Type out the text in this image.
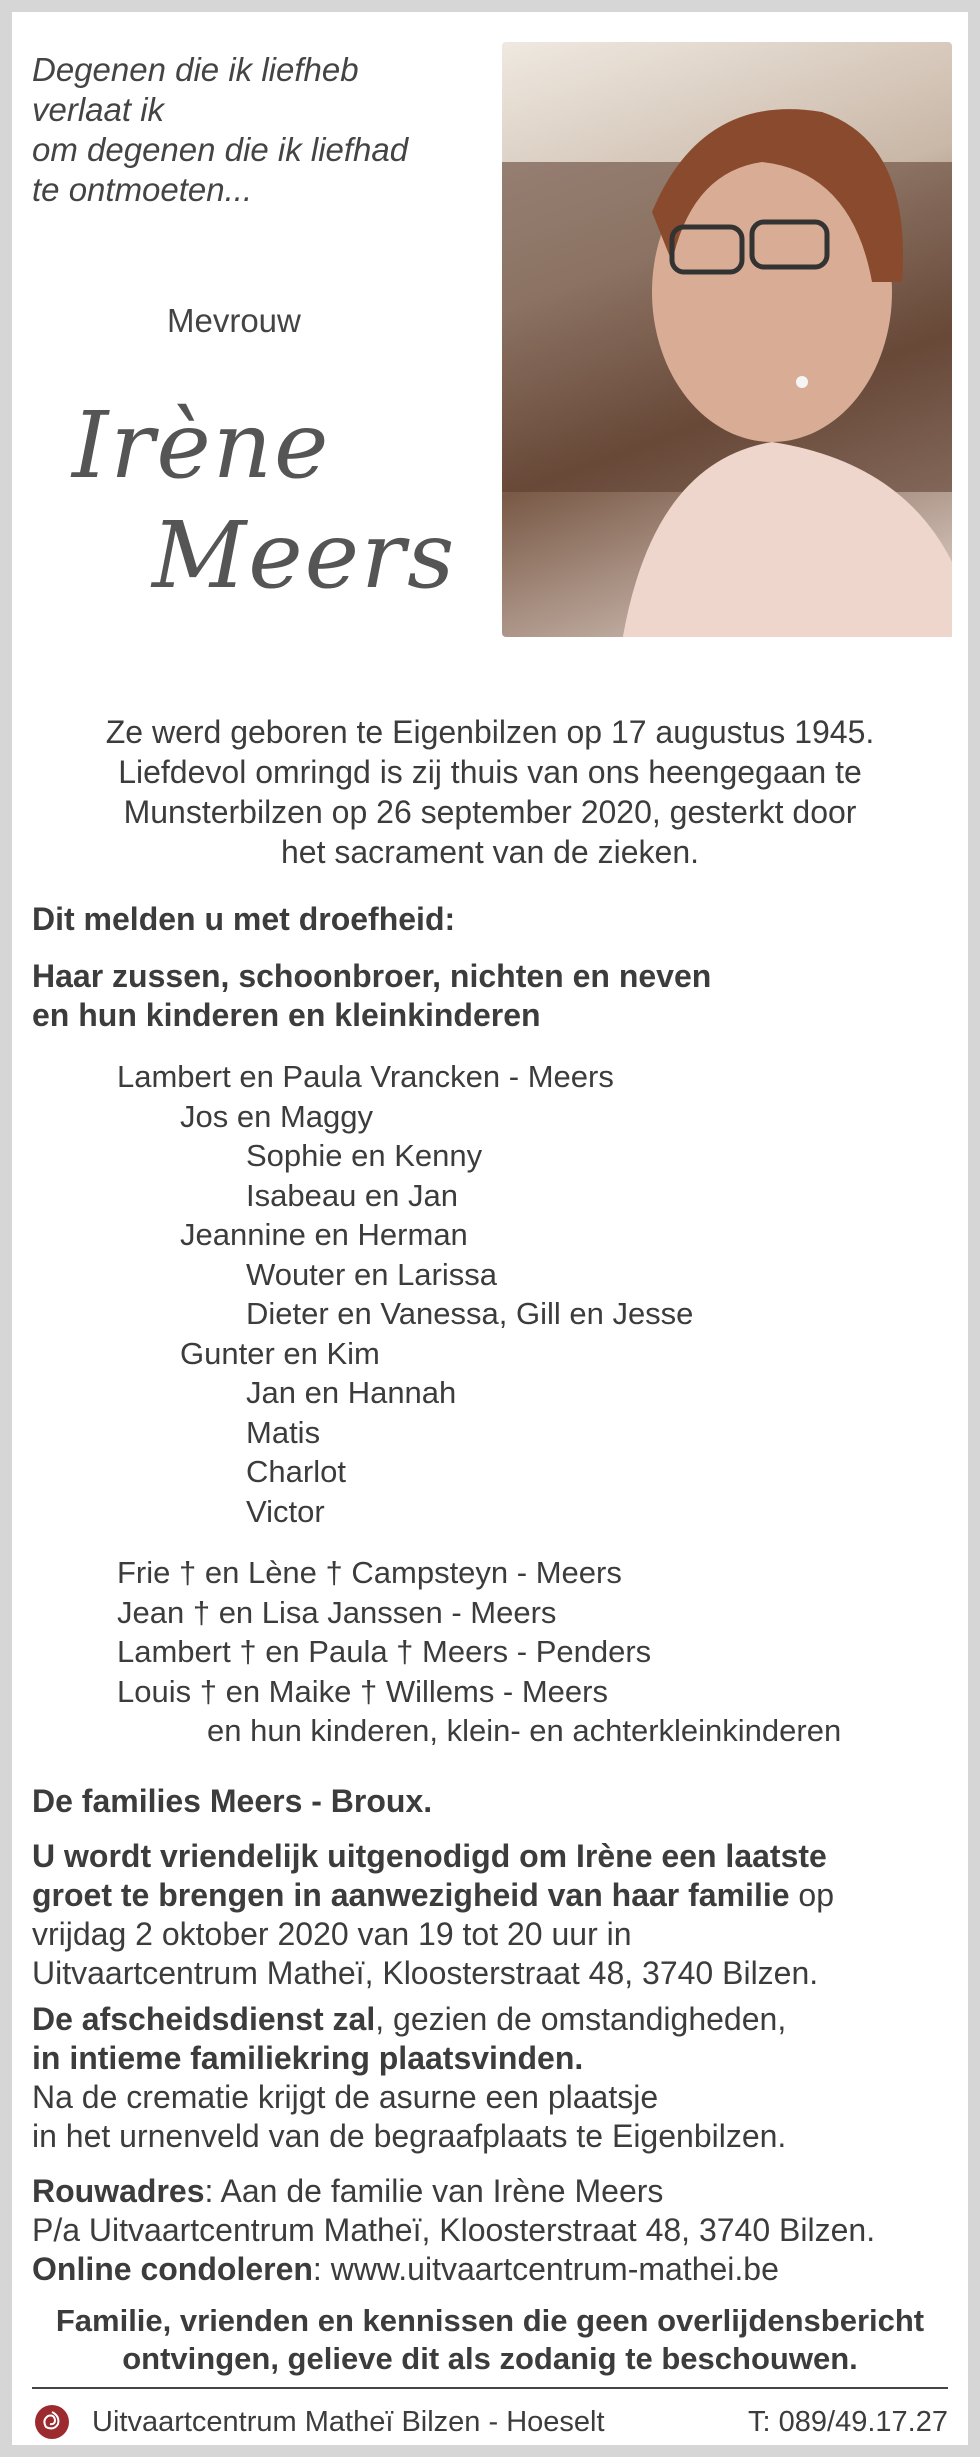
Degenen die ik liefheb
verlaat ik
om degenen die ik liefhad
te ontmoeten...
Mevrouw
Irène
Meers
Ze werd geboren te Eigenbilzen op 17 augustus 1945.
Liefdevol omringd is zij thuis van ons heengegaan te
Munsterbilzen op 26 september 2020, gesterkt door
het sacrament van de zieken.
Dit melden u met droefheid:
Haar zussen, schoonbroer, nichten en neven
en hun kinderen en kleinkinderen
Lambert en Paula Vrancken - Meers
Jos en Maggy
Sophie en Kenny
Isabeau en Jan
Jeannine en Herman
Wouter en Larissa
Dieter en Vanessa, Gill en Jesse
Gunter en Kim
Jan en Hannah
Matis
Charlot
Victor
Frie † en Lène † Campsteyn - Meers
Jean † en Lisa Janssen - Meers
Lambert † en Paula † Meers - Penders
Louis † en Maike † Willems - Meers
en hun kinderen, klein- en achterkleinkinderen
De families Meers - Broux.
U wordt vriendelijk uitgenodigd om Irène een laatste
groet te brengen in aanwezigheid van haar familie op
vrijdag 2 oktober 2020 van 19 tot 20 uur in
Uitvaartcentrum Matheï, Kloosterstraat 48, 3740 Bilzen.
De afscheidsdienst zal, gezien de omstandigheden,
in intieme familiekring plaatsvinden.
Na de crematie krijgt de asurne een plaatsje
in het urnenveld van de begraafplaats te Eigenbilzen.
Rouwadres: Aan de familie van Irène Meers
P/a Uitvaartcentrum Matheï, Kloosterstraat 48, 3740 Bilzen.
Online condoleren: www.uitvaartcentrum-mathei.be
Familie, vrienden en kennissen die geen overlijdensbericht
ontvingen, gelieve dit als zodanig te beschouwen.
Uitvaartcentrum Matheï Bilzen - Hoeselt	T: 089/49.17.27
